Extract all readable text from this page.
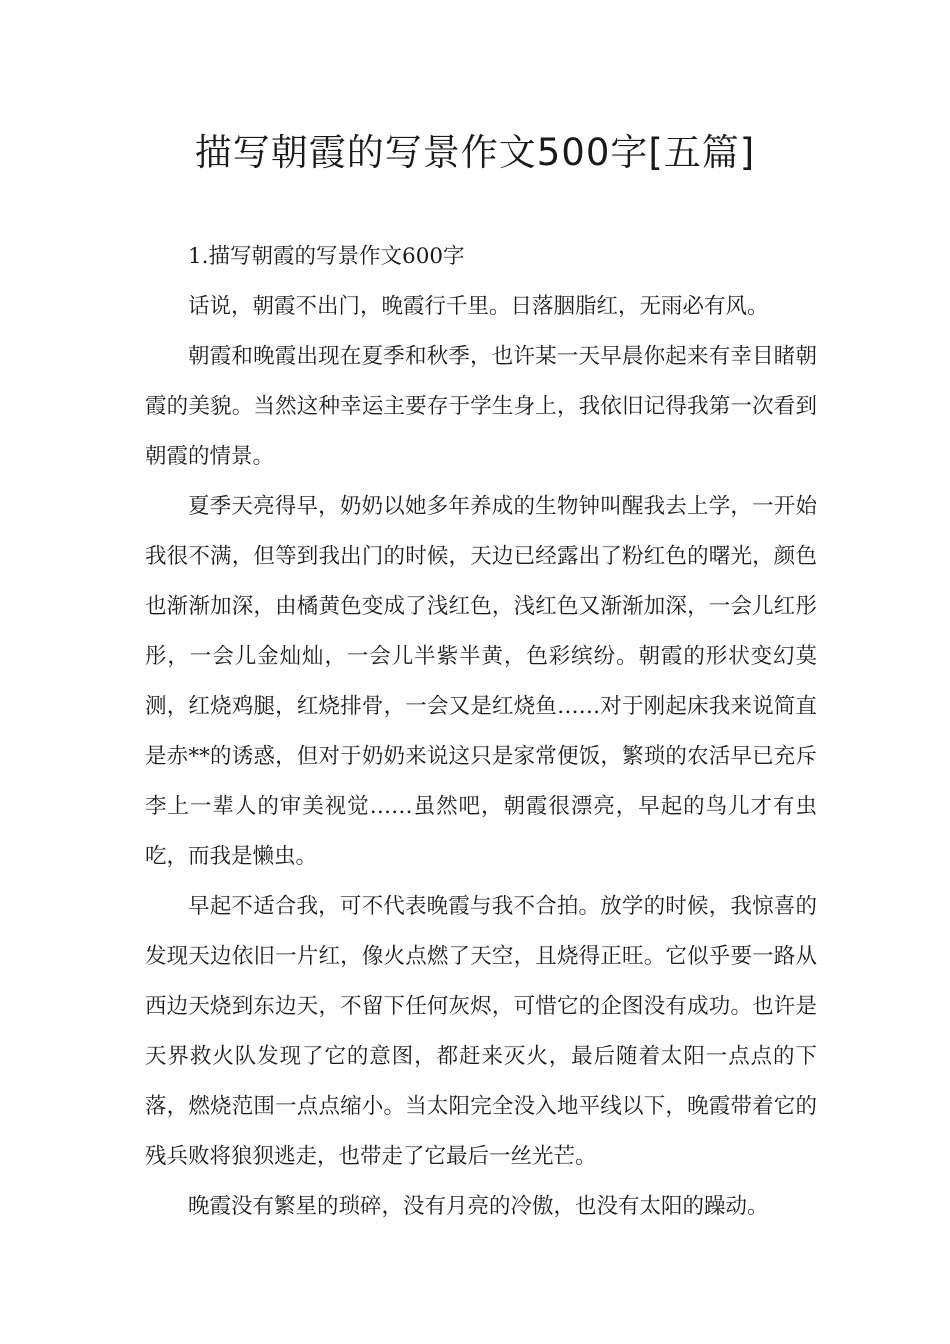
描写朝霞的写景作文500字[五篇]

1.描写朝霞的写景作文600字

话说，朝霞不出门，晚霞行千里。日落胭脂红，无雨必有风。

朝霞和晚霞出现在夏季和秋季，也许某一天早晨你起来有幸目睹朝霞的美貌。当然这种幸运主要存于学生身上，我依旧记得我第一次看到朝霞的情景。

夏季天亮得早，奶奶以她多年养成的生物钟叫醒我去上学，一开始我很不满，但等到我出门的时候，天边已经露出了粉红色的曙光，颜色也渐渐加深，由橘黄色变成了浅红色，浅红色又渐渐加深，一会儿红彤彤，一会儿金灿灿，一会儿半紫半黄，色彩缤纷。朝霞的形状变幻莫测，红烧鸡腿，红烧排骨，一会又是红烧鱼……对于刚起床我来说简直是赤**的诱惑，但对于奶奶来说这只是家常便饭，繁琐的农活早已充斥李上一辈人的审美视觉……虽然吧，朝霞很漂亮，早起的鸟儿才有虫吃，而我是懒虫。

早起不适合我，可不代表晚霞与我不合拍。放学的时候，我惊喜的发现天边依旧一片红，像火点燃了天空，且烧得正旺。它似乎要一路从西边天烧到东边天，不留下任何灰烬，可惜它的企图没有成功。也许是天界救火队发现了它的意图，都赶来灭火，最后随着太阳一点点的下落，燃烧范围一点点缩小。当太阳完全没入地平线以下，晚霞带着它的残兵败将狼狈逃走，也带走了它最后一丝光芒。

晚霞没有繁星的琐碎，没有月亮的冷傲，也没有太阳的躁动。
